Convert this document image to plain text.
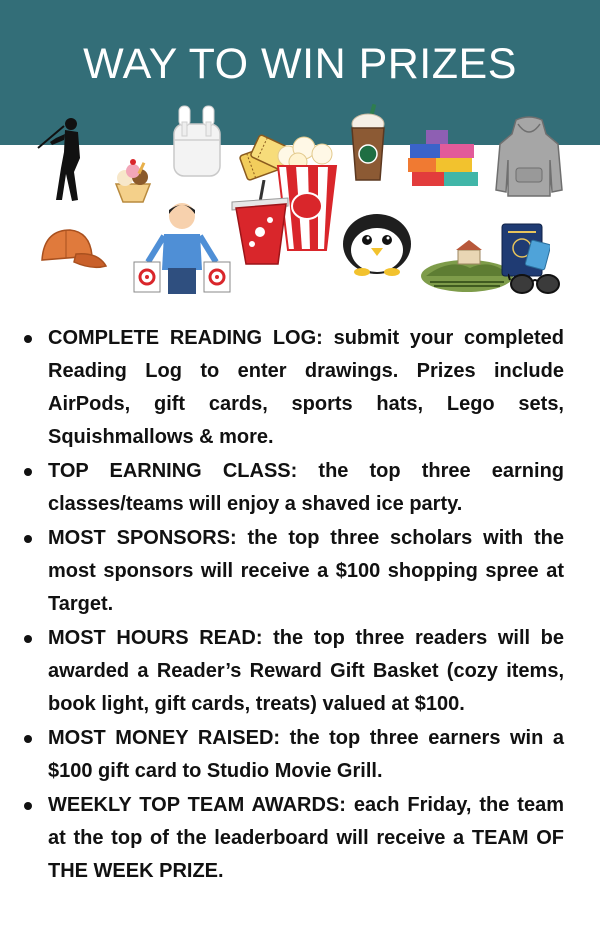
WAY TO WIN PRIZES
COMPLETE READING LOG: submit your completed Reading Log to enter drawings. Prizes include AirPods, gift cards, sports hats, Lego sets, Squishmallows & more.
TOP EARNING CLASS: the top three earning classes/teams will enjoy a shaved ice party.
MOST SPONSORS: the top three scholars with the most sponsors will receive a $100 shopping spree at Target.
MOST HOURS READ: the top three readers will be awarded a Reader’s Reward Gift Basket (cozy items, book light, gift cards, treats) valued at $100.
MOST MONEY RAISED: the top three earners win a $100 gift card to Studio Movie Grill.
WEEKLY TOP TEAM AWARDS: each Friday, the team at the top of the leaderboard will receive a TEAM OF THE WEEK PRIZE.
